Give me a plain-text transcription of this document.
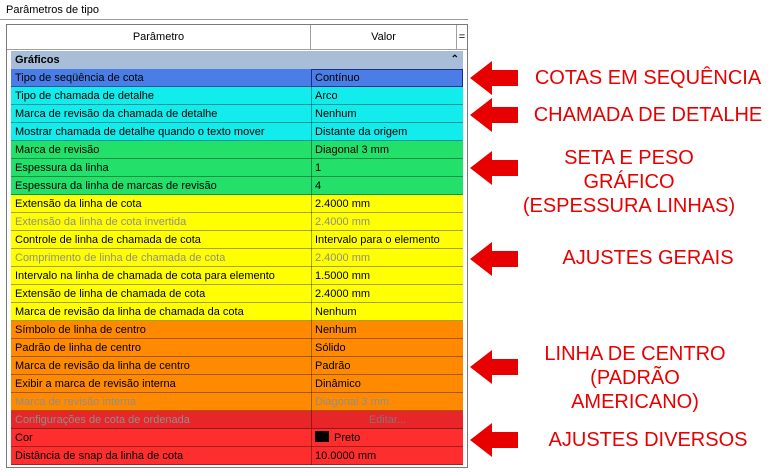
Parâmetros de tipo
Parâmetro	Valor	=
Gráficos	⌃
Tipo de seqüência de cota	Contínuo
Tipo de chamada de detalhe	Arco
Marca de revisão da chamada de detalhe	Nenhum
Mostrar chamada de detalhe quando o texto mover	Distante da origem
Marca de revisão	Diagonal 3 mm
Espessura da linha	1
Espessura da linha de marcas de revisão	4
Extensão da linha de cota	2.4000 mm
Extensão da linha de cota invertida	2.4000 mm
Controle de linha de chamada de cota	Intervalo para o elemento
Comprimento de linha de chamada de cota	2.4000 mm
Intervalo na linha de chamada de cota para elemento	1.5000 mm
Extensão de linha de chamada de cota	2.4000 mm
Marca de revisão da linha de chamada da cota	Nenhum
Símbolo de linha de centro	Nenhum
Padrão de linha de centro	Sólido
Marca de revisão da linha de centro	Padrão
Exibir a marca de revisão interna	Dinâmico
Marca de revisão interna	Diagonal 3 mm
Configurações de cota de ordenada	Editar...
Cor	Preto
Distância de snap da linha de cota	10.0000 mm
COTAS EM SEQUÊNCIA
CHAMADA DE DETALHE
SETA E PESO GRÁFICO (ESPESSURA LINHAS)
AJUSTES GERAIS
LINHA DE CENTRO (PADRÃO AMERICANO)
AJUSTES DIVERSOS
